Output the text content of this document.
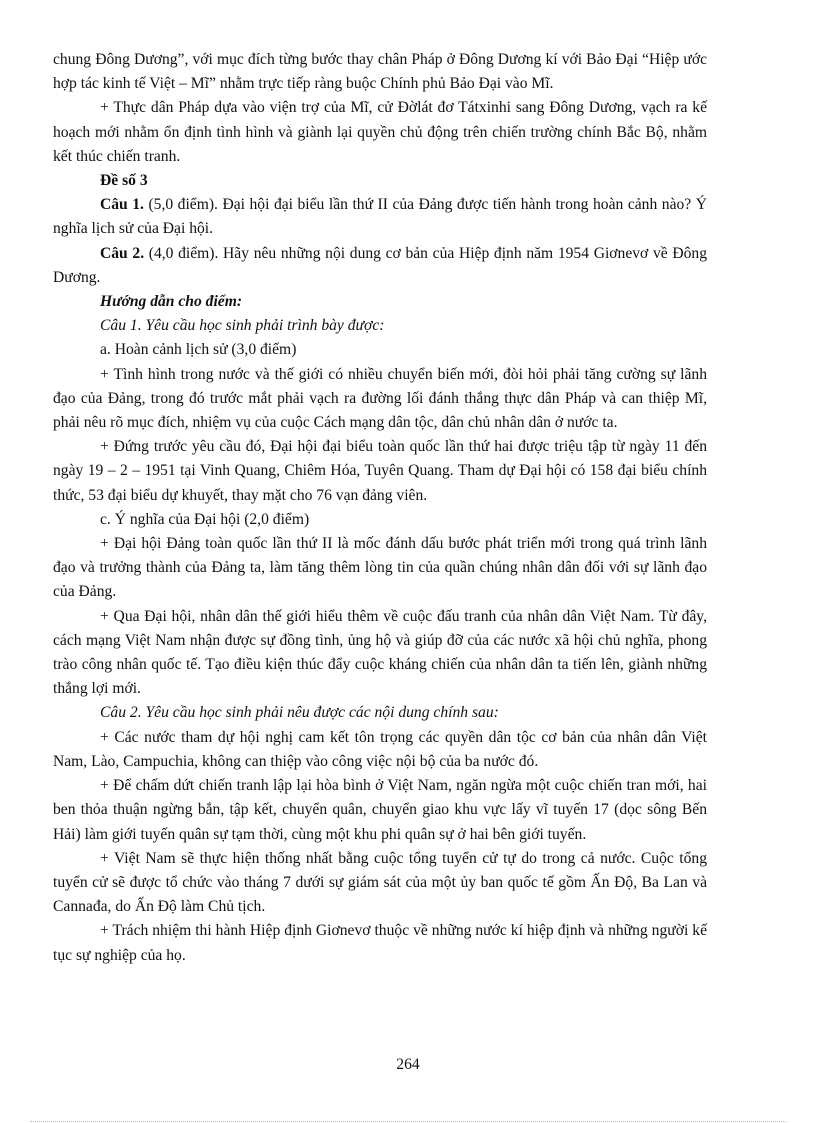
chung Đông Dương”, với mục đích từng bước thay chân Pháp ở Đông Dương kí với Bảo Đại “Hiệp ước hợp tác kinh tế Việt – Mĩ” nhằm trực tiếp ràng buộc Chính phủ Bảo Đại vào Mĩ.

+ Thực dân Pháp dựa vào viện trợ của Mĩ, cử Đờlát đơ Tátxinhi sang Đông Dương, vạch ra kế hoạch mới nhằm ổn định tình hình và giành lại quyền chủ động trên chiến trường chính Bắc Bộ, nhằm kết thúc chiến tranh.

Đề số 3

Câu 1. (5,0 điểm). Đại hội đại biểu lần thứ II của Đảng được tiến hành trong hoàn cảnh nào? Ý nghĩa lịch sử của Đại hội.

Câu 2. (4,0 điểm). Hãy nêu những nội dung cơ bản của Hiệp định năm 1954 Giơnevơ về Đông Dương.

Hướng dẫn cho điểm:

Câu 1. Yêu cầu học sinh phải trình bày được:

a. Hoàn cảnh lịch sử (3,0 điểm)

+ Tình hình trong nước và thế giới có nhiều chuyển biến mới, đòi hỏi phải tăng cường sự lãnh đạo của Đảng, trong đó trước mắt phải vạch ra đường lối đánh thắng thực dân Pháp và can thiệp Mĩ, phải nêu rõ mục đích, nhiệm vụ của cuộc Cách mạng dân tộc, dân chủ nhân dân ở nước ta.

+ Đứng trước yêu cầu đó, Đại hội đại biểu toàn quốc lần thứ hai được triệu tập từ ngày 11 đến ngày 19 – 2 – 1951 tại Vinh Quang, Chiêm Hóa, Tuyên Quang. Tham dự Đại hội có 158 đại biểu chính thức, 53 đại biểu dự khuyết, thay mặt cho 76 vạn đảng viên.

c. Ý nghĩa của Đại hội (2,0 điểm)

+ Đại hội Đảng toàn quốc lần thứ II là mốc đánh dấu bước phát triển mới trong quá trình lãnh đạo và trưởng thành của Đảng ta, làm tăng thêm lòng tin của quần chúng nhân dân đối với sự lãnh đạo của Đảng.

+ Qua Đại hội, nhân dân thế giới hiểu thêm về cuộc đấu tranh của nhân dân Việt Nam. Từ đây, cách mạng Việt Nam nhận được sự đồng tình, ủng hộ và giúp đỡ của các nước xã hội chủ nghĩa, phong trào công nhân quốc tế. Tạo điều kiện thúc đẩy cuộc kháng chiến của nhân dân ta tiến lên, giành những thắng lợi mới.

Câu 2. Yêu cầu học sinh phải nêu được các nội dung chính sau:

+ Các nước tham dự hội nghị cam kết tôn trọng các quyền dân tộc cơ bản của nhân dân Việt Nam, Lào, Campuchia, không can thiệp vào công việc nội bộ của ba nước đó.

+ Để chấm dứt chiến tranh lập lại hòa bình ở Việt Nam, ngăn ngừa một cuộc chiến tran mới, hai ben thỏa thuận ngừng bắn, tập kết, chuyển quân, chuyển giao khu vực lấy vĩ tuyến 17 (dọc sông Bến Hải) làm giới tuyến quân sự tạm thời, cùng một khu phi quân sự ở hai bên giới tuyến.

+ Việt Nam sẽ thực hiện thống nhất bằng cuộc tổng tuyển cử tự do trong cả nước. Cuộc tổng tuyển cử sẽ được tổ chức vào tháng 7 dưới sự giám sát của một ủy ban quốc tế gồm Ấn Độ, Ba Lan và Cannađa, do Ấn Độ làm Chủ tịch.

+ Trách nhiệm thi hành Hiệp định Giơnevơ thuộc về những nước kí hiệp định và những người kế tục sự nghiệp của họ.

264
